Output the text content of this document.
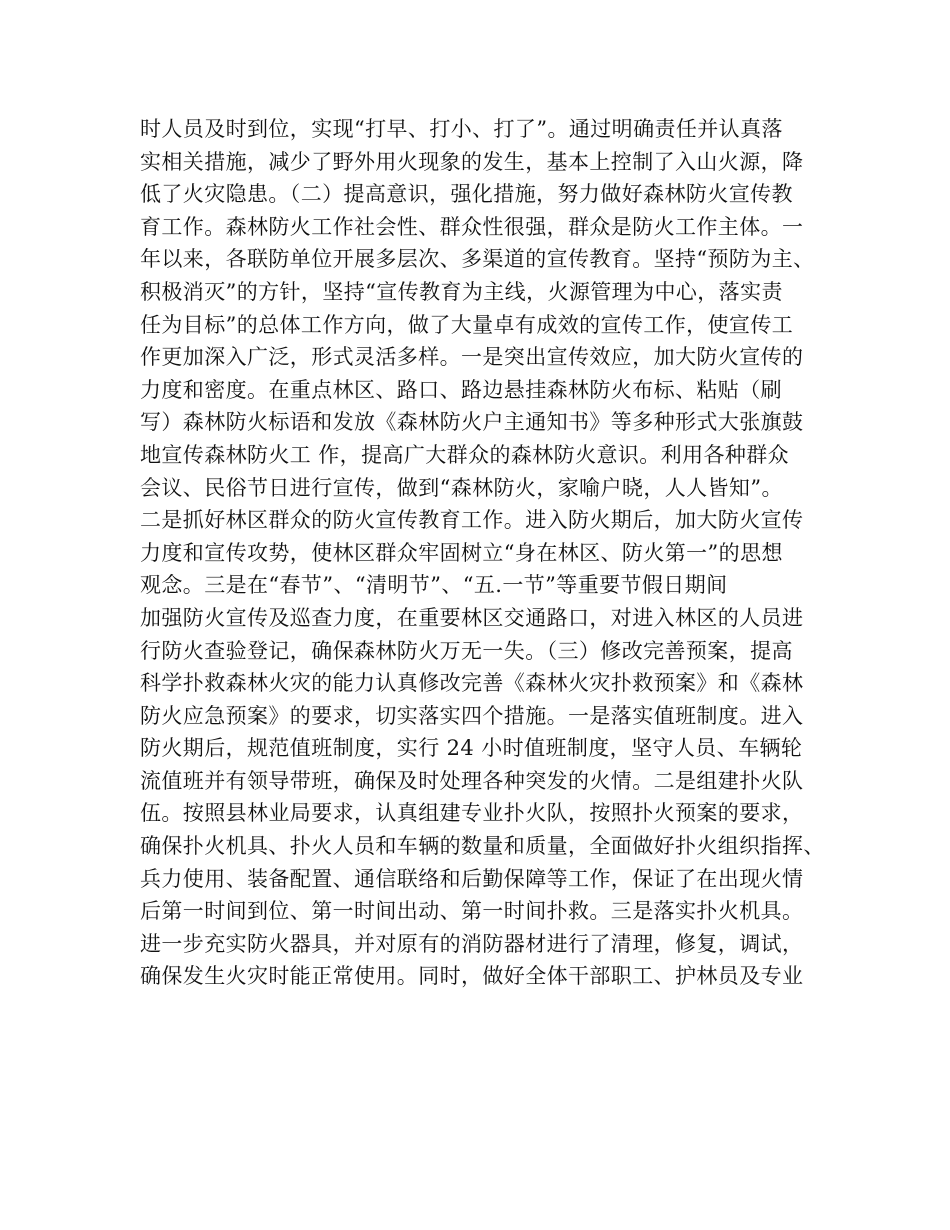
时人员及时到位，实现“打早、打小、打了”。通过明确责任并认真落
实相关措施，减少了野外用火现象的发生，基本上控制了入山火源，降
低了火灾隐患。（二）提高意识，强化措施，努力做好森林防火宣传教
育工作。森林防火工作社会性、群众性很强，群众是防火工作主体。一
年以来，各联防单位开展多层次、多渠道的宣传教育。坚持“预防为主、
积极消灭”的方针，坚持“宣传教育为主线，火源管理为中心，落实责
任为目标”的总体工作方向，做了大量卓有成效的宣传工作，使宣传工
作更加深入广泛，形式灵活多样。一是突出宣传效应，加大防火宣传的
力度和密度。在重点林区、路口、路边悬挂森林防火布标、粘贴（刷
写）森林防火标语和发放《森林防火户主通知书》等多种形式大张旗鼓
地宣传森林防火工 作，提高广大群众的森林防火意识。利用各种群众
会议、民俗节日进行宣传，做到“森林防火，家喻户晓，人人皆知”。
二是抓好林区群众的防火宣传教育工作。进入防火期后，加大防火宣传
力度和宣传攻势，使林区群众牢固树立“身在林区、防火第一”的思想
观念。三是在“春节”、“清明节”、“五.一节”等重要节假日期间
加强防火宣传及巡查力度，在重要林区交通路口，对进入林区的人员进
行防火查验登记，确保森林防火万无一失。（三）修改完善预案，提高
科学扑救森林火灾的能力认真修改完善《森林火灾扑救预案》和《森林
防火应急预案》的要求，切实落实四个措施。一是落实值班制度。进入
防火期后，规范值班制度，实行 24 小时值班制度，坚守人员、车辆轮
流值班并有领导带班，确保及时处理各种突发的火情。二是组建扑火队
伍。按照县林业局要求，认真组建专业扑火队，按照扑火预案的要求，
确保扑火机具、扑火人员和车辆的数量和质量，全面做好扑火组织指挥、
兵力使用、装备配置、通信联络和后勤保障等工作，保证了在出现火情
后第一时间到位、第一时间出动、第一时间扑救。三是落实扑火机具。
进一步充实防火器具，并对原有的消防器材进行了清理，修复，调试，
确保发生火灾时能正常使用。同时，做好全体干部职工、护林员及专业
